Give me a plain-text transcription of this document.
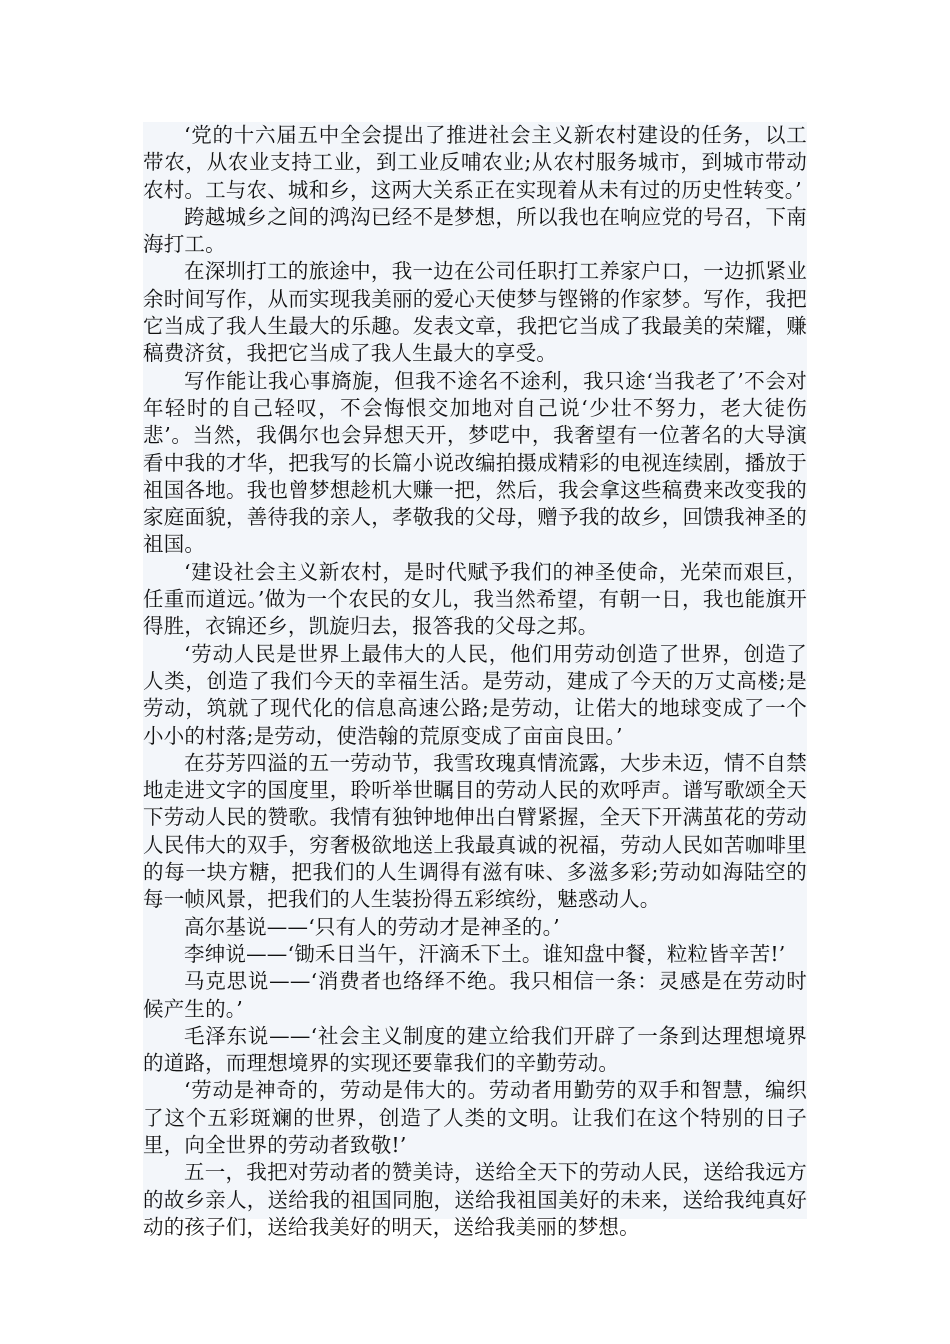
‘党的十六届五中全会提出了推进社会主义新农村建设的任务，以工带农，从农业支持工业，到工业反哺农业;从农村服务城市，到城市带动农村。工与农、城和乡，这两大关系正在实现着从未有过的历史性转变。’

跨越城乡之间的鸿沟已经不是梦想，所以我也在响应党的号召，下南海打工。

在深圳打工的旅途中，我一边在公司任职打工养家户口，一边抓紧业余时间写作，从而实现我美丽的爱心天使梦与铿锵的作家梦。写作，我把它当成了我人生最大的乐趣。发表文章，我把它当成了我最美的荣耀，赚稿费济贫，我把它当成了我人生最大的享受。

写作能让我心事旖旎，但我不途名不途利，我只途‘当我老了’不会对年轻时的自己轻叹，不会悔恨交加地对自己说‘少壮不努力，老大徒伤悲’。当然，我偶尔也会异想天开，梦呓中，我奢望有一位著名的大导演看中我的才华，把我写的长篇小说改编拍摄成精彩的电视连续剧，播放于祖国各地。我也曾梦想趁机大赚一把，然后，我会拿这些稿费来改变我的家庭面貌，善待我的亲人，孝敬我的父母，赠予我的故乡，回馈我神圣的祖国。

‘建设社会主义新农村，是时代赋予我们的神圣使命，光荣而艰巨，任重而道远。’做为一个农民的女儿，我当然希望，有朝一日，我也能旗开得胜，衣锦还乡，凯旋归去，报答我的父母之邦。

‘劳动人民是世界上最伟大的人民，他们用劳动创造了世界，创造了人类，创造了我们今天的幸福生活。是劳动，建成了今天的万丈高楼;是劳动，筑就了现代化的信息高速公路;是劳动，让偌大的地球变成了一个小小的村落;是劳动，使浩翰的荒原变成了亩亩良田。’

在芬芳四溢的五一劳动节，我雪玫瑰真情流露，大步未迈，情不自禁地走进文字的国度里，聆听举世瞩目的劳动人民的欢呼声。谱写歌颂全天下劳动人民的赞歌。我情有独钟地伸出白臂紧握，全天下开满茧花的劳动人民伟大的双手，穷奢极欲地送上我最真诚的祝福，劳动人民如苦咖啡里的每一块方糖，把我们的人生调得有滋有味、多滋多彩;劳动如海陆空的每一帧风景，把我们的人生装扮得五彩缤纷，魅惑动人。

高尔基说——‘只有人的劳动才是神圣的。’

李绅说——‘锄禾日当午，汗滴禾下土。谁知盘中餐，粒粒皆辛苦!’

马克思说——‘消费者也络绎不绝。我只相信一条：灵感是在劳动时候产生的。’

毛泽东说——‘社会主义制度的建立给我们开辟了一条到达理想境界的道路，而理想境界的实现还要靠我们的辛勤劳动。

‘劳动是神奇的，劳动是伟大的。劳动者用勤劳的双手和智慧，编织了这个五彩斑斓的世界，创造了人类的文明。让我们在这个特别的日子里，向全世界的劳动者致敬!’

五一，我把对劳动者的赞美诗，送给全天下的劳动人民，送给我远方的故乡亲人，送给我的祖国同胞，送给我祖国美好的未来，送给我纯真好动的孩子们，送给我美好的明天，送给我美丽的梦想。
